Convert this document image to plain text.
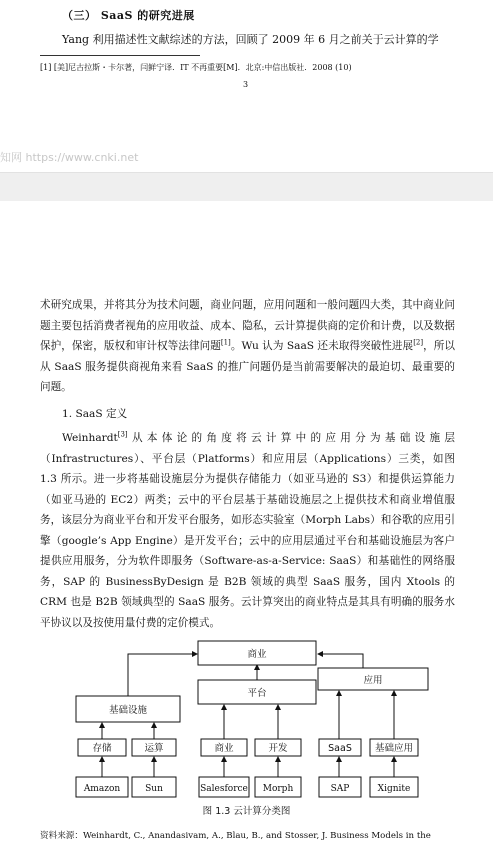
（三） SaaS 的研究进展
Yang 利用描述性文献综述的方法，回顾了 2009 年 6 月之前关于云计算的学
[1] [美]尼古拉斯・卡尔著，闫鲜宁译．IT 不再重要[M]．北京:中信出版社．2008 (10)
3
知网 https://www.cnki.net
术研究成果，并将其分为技术问题，商业问题，应用问题和一般问题四大类，其中商业问题主要包括消费者视角的应用收益、成本、隐私，云计算提供商的定价和计费，以及数据保护，保密，版权和审计权等法律问题[1]。Wu 认为 SaaS 还未取得突破性进展[2]，所以从 SaaS 服务提供商视角来看 SaaS 的推广问题仍是当前需要解决的最迫切、最重要的问题。
1. SaaS 定义
Weinhardt[3]从本体论的角度将云计算中的应用分为基础设施层（Infrastructures）、平台层（Platforms）和应用层（Applications）三类，如图 1.3 所示。进一步将基础设施层分为提供存储能力（如亚马逊的 S3）和提供运算能力（如亚马逊的 EC2）两类；云中的平台层基于基础设施层之上提供技术和商业增值服务，该层分为商业平台和开发平台服务，如形态实验室（Morph Labs）和谷歌的应用引擎（google’s App Engine）是开发平台；云中的应用层通过平台和基础设施层为客户提供应用服务，分为软件即服务（Software-as-a-Service: SaaS）和基础性的网络服务，SAP 的 BusinessByDesign 是 B2B 领域的典型 SaaS 服务，国内 Xtools 的 CRM 也是 B2B 领域典型的 SaaS 服务。云计算突出的商业特点是其具有明确的服务水平协议以及按使用量付费的定价模式。
商业
基础设施
平台
应用
存储	运算	商业	开发	SaaS 基础应用
Amazon	Sun	Salesforce Morph	SAP	Xignite
图 1.3 云计算分类图
资料来源：Weinhardt, C., Anandasivam, A., Blau, B., and Stosser, J. Business Models in the
